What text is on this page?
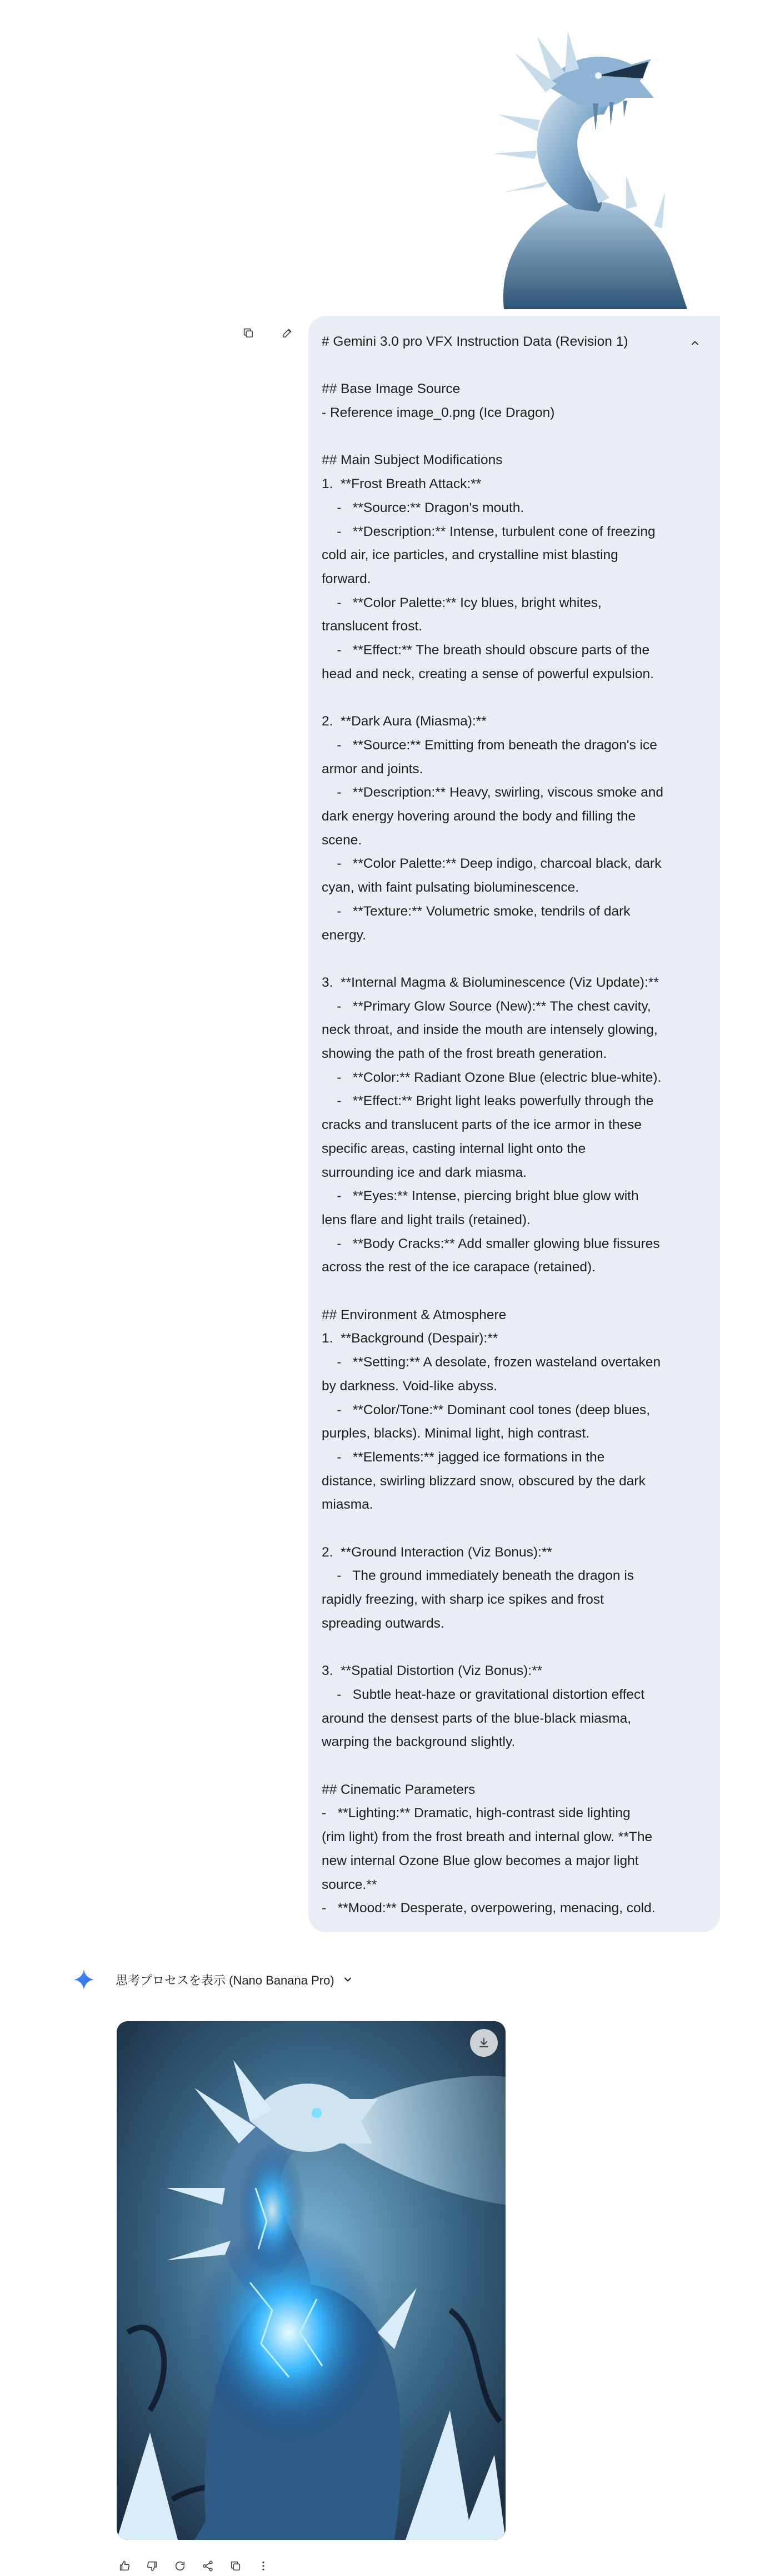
# Gemini 3.0 pro VFX Instruction Data (Revision 1)
## Base Image Source
- Reference image_0.png (Ice Dragon)
## Main Subject Modifications
1.  **Frost Breath Attack:**
-   **Source:** Dragon's mouth.
-   **Description:** Intense, turbulent cone of freezing
cold air, ice particles, and crystalline mist blasting
forward.
-   **Color Palette:** Icy blues, bright whites,
translucent frost.
-   **Effect:** The breath should obscure parts of the
head and neck, creating a sense of powerful expulsion.
2.  **Dark Aura (Miasma):**
-   **Source:** Emitting from beneath the dragon's ice
armor and joints.
-   **Description:** Heavy, swirling, viscous smoke and
dark energy hovering around the body and filling the
scene.
-   **Color Palette:** Deep indigo, charcoal black, dark
cyan, with faint pulsating bioluminescence.
-   **Texture:** Volumetric smoke, tendrils of dark
energy.
3.  **Internal Magma & Bioluminescence (Viz Update):**
-   **Primary Glow Source (New):** The chest cavity,
neck throat, and inside the mouth are intensely glowing,
showing the path of the frost breath generation.
-   **Color:** Radiant Ozone Blue (electric blue-white).
-   **Effect:** Bright light leaks powerfully through the
cracks and translucent parts of the ice armor in these
specific areas, casting internal light onto the
surrounding ice and dark miasma.
-   **Eyes:** Intense, piercing bright blue glow with
lens flare and light trails (retained).
-   **Body Cracks:** Add smaller glowing blue fissures
across the rest of the ice carapace (retained).
## Environment & Atmosphere
1.  **Background (Despair):**
-   **Setting:** A desolate, frozen wasteland overtaken
by darkness. Void-like abyss.
-   **Color/Tone:** Dominant cool tones (deep blues,
purples, blacks). Minimal light, high contrast.
-   **Elements:** jagged ice formations in the
distance, swirling blizzard snow, obscured by the dark
miasma.
2.  **Ground Interaction (Viz Bonus):**
-   The ground immediately beneath the dragon is
rapidly freezing, with sharp ice spikes and frost
spreading outwards.
3.  **Spatial Distortion (Viz Bonus):**
-   Subtle heat-haze or gravitational distortion effect
around the densest parts of the blue-black miasma,
warping the background slightly.
## Cinematic Parameters
-   **Lighting:** Dramatic, high-contrast side lighting
(rim light) from the frost breath and internal glow. **The
new internal Ozone Blue glow becomes a major light
source.**
-   **Mood:** Desperate, overpowering, menacing, cold.
思考プロセスを表示 (Nano Banana Pro)
